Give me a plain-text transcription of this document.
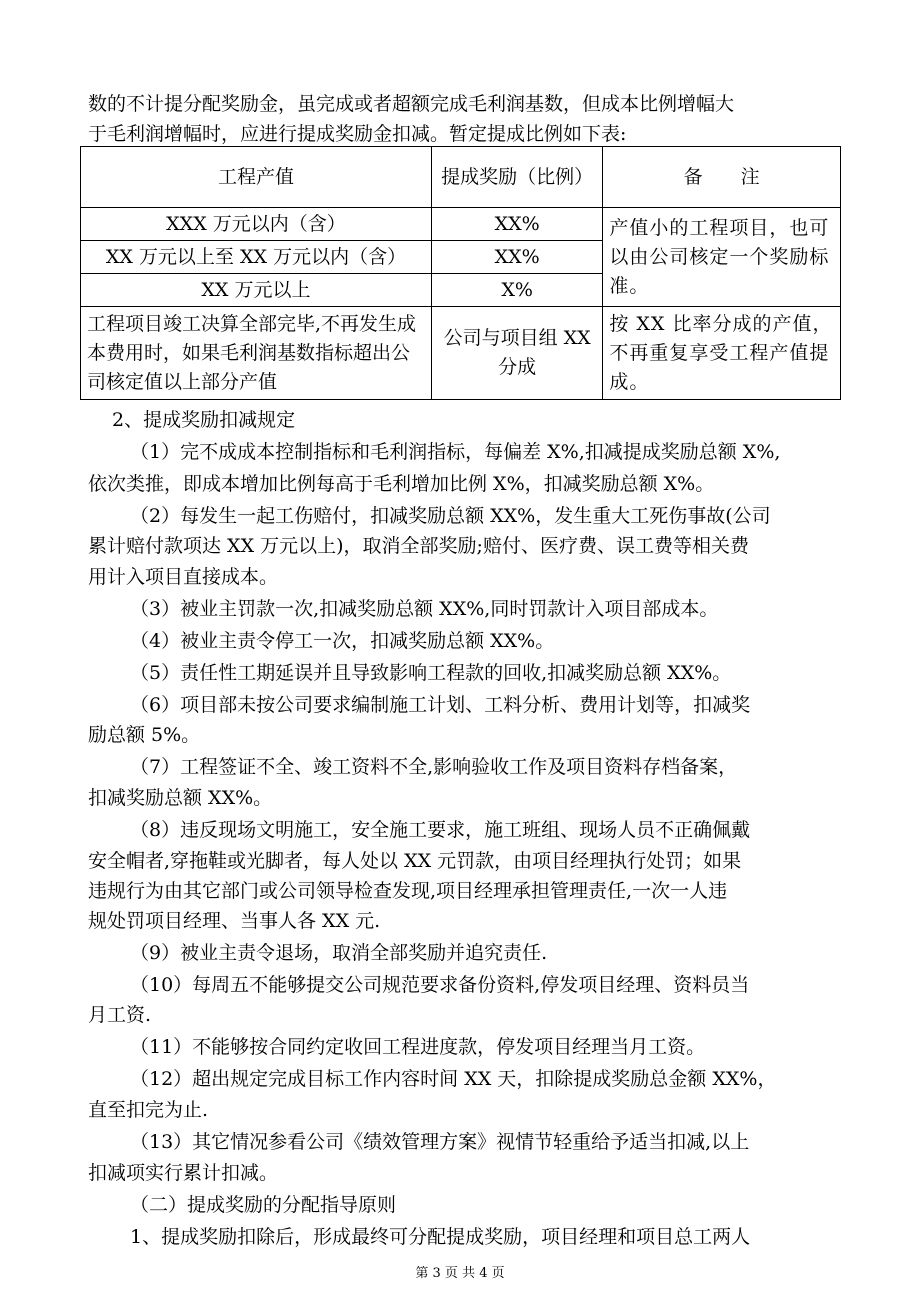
数的不计提分配奖励金，虽完成或者超额完成毛利润基数，但成本比例增幅大
于毛利润增幅时，应进行提成奖励金扣减。暂定提成比例如下表:
工程产值	提成奖励（比例）	备　　注
XXX 万元以内（含）	XX%	产值小的工程项目，也可以由公司核定一个奖励标准。
XX 万元以上至 XX 万元以内（含）	XX%	
XX 万元以上	X%	
工程项目竣工决算全部完毕,不再发生成本费用时，如果毛利润基数指标超出公司核定值以上部分产值	公司与项目组 XX 分成	按 XX 比率分成的产值，不再重复享受工程产值提成。
2、提成奖励扣减规定
（1）完不成成本控制指标和毛利润指标，每偏差 X%,扣减提成奖励总额 X%,
依次类推，即成本增加比例每高于毛利增加比例 X%，扣减奖励总额 X%。
（2）每发生一起工伤赔付，扣减奖励总额 XX%，发生重大工死伤事故(公司
累计赔付款项达 XX 万元以上)，取消全部奖励;赔付、医疗费、误工费等相关费
用计入项目直接成本。
（3）被业主罚款一次,扣减奖励总额 XX%,同时罚款计入项目部成本。
（4）被业主责令停工一次，扣减奖励总额 XX%。
（5）责任性工期延误并且导致影响工程款的回收,扣减奖励总额 XX%。
（6）项目部未按公司要求编制施工计划、工料分析、费用计划等，扣减奖
励总额 5%。
（7）工程签证不全、竣工资料不全,影响验收工作及项目资料存档备案，
扣减奖励总额 XX%。
（8）违反现场文明施工，安全施工要求，施工班组、现场人员不正确佩戴
安全帽者,穿拖鞋或光脚者，每人处以 XX 元罚款，由项目经理执行处罚；如果
违规行为由其它部门或公司领导检查发现,项目经理承担管理责任,一次一人违
规处罚项目经理、当事人各 XX 元.
（9）被业主责令退场，取消全部奖励并追究责任.
（10）每周五不能够提交公司规范要求备份资料,停发项目经理、资料员当
月工资.
（11）不能够按合同约定收回工程进度款，停发项目经理当月工资。
（12）超出规定完成目标工作内容时间 XX 天，扣除提成奖励总金额 XX%，
直至扣完为止.
（13）其它情况参看公司《绩效管理方案》视情节轻重给予适当扣减,以上
扣减项实行累计扣减。
（二）提成奖励的分配指导原则
1、提成奖励扣除后，形成最终可分配提成奖励，项目经理和项目总工两人
第 3 页 共 4 页
